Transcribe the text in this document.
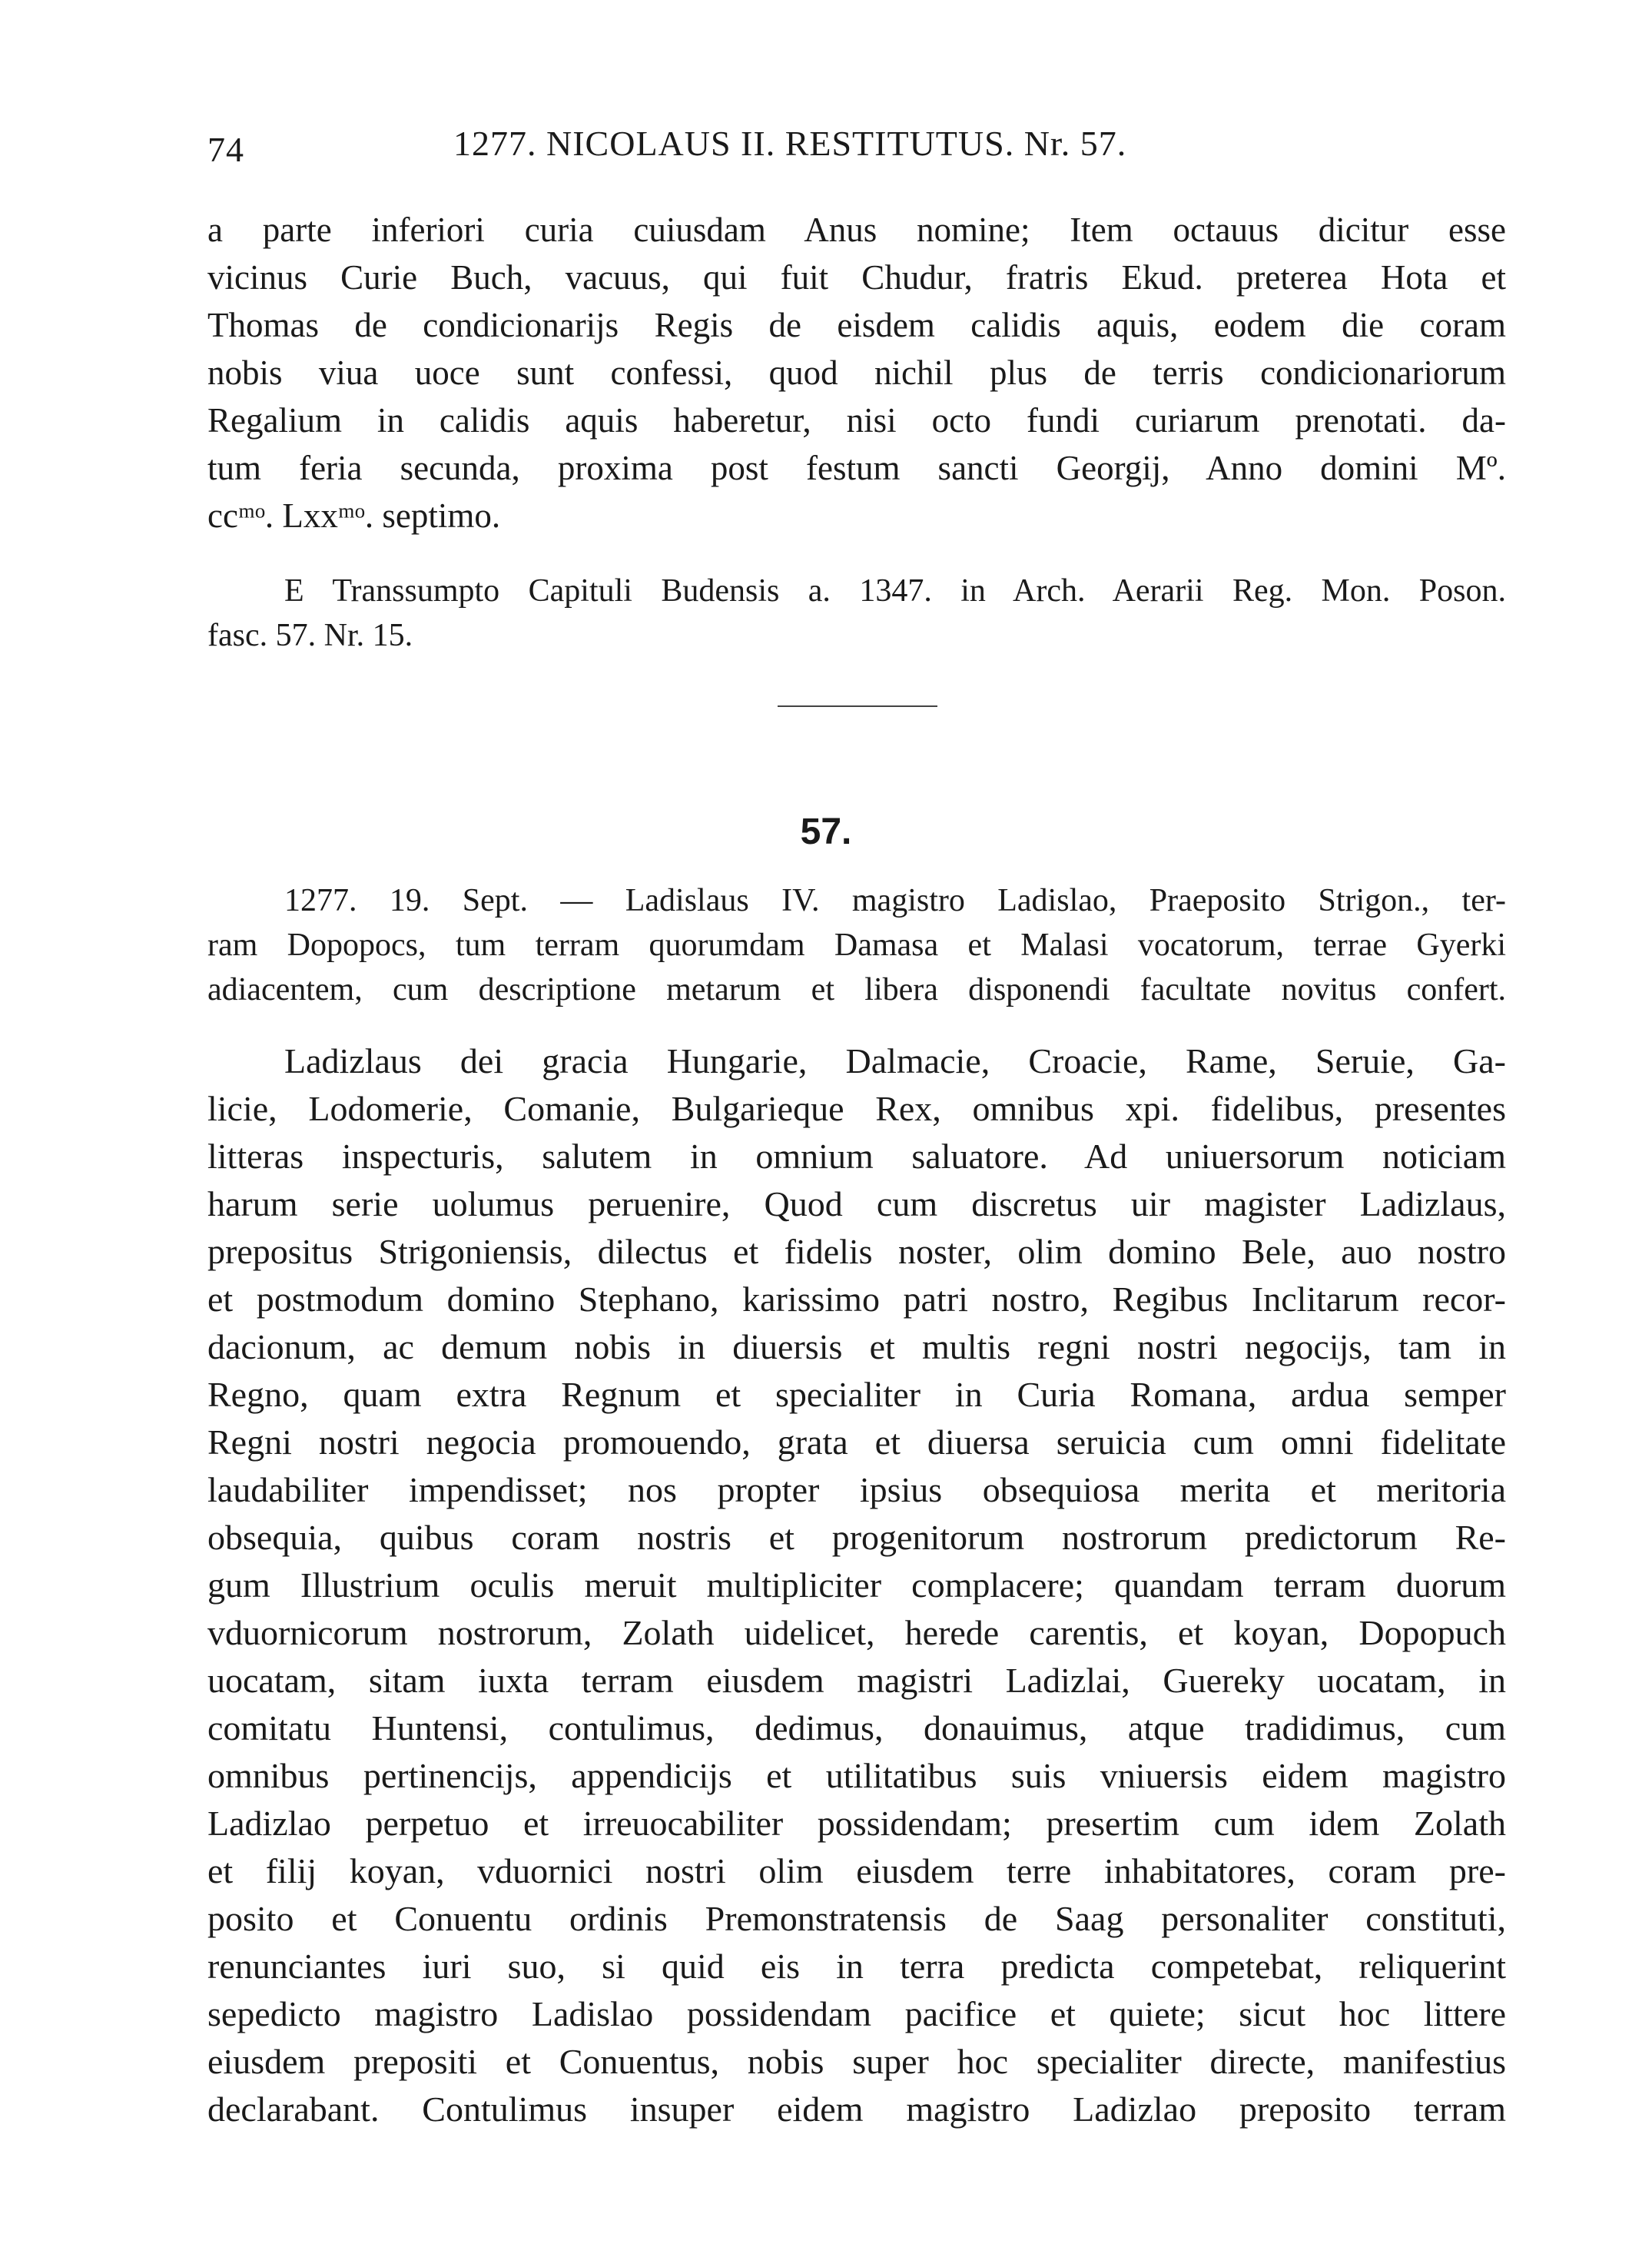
74	1277. NICOLAUS II. RESTITUTUS. Nr. 57.
a parte inferiori curia cuiusdam Anus nomine; Item octauus dicitur esse
vicinus Curie Buch, vacuus, qui fuit Chudur, fratris Ekud. preterea Hota et
Thomas de condicionarijs Regis de eisdem calidis aquis, eodem die coram
nobis viua uoce sunt confessi, quod nichil plus de terris condicionariorum
Regalium in calidis aquis haberetur, nisi octo fundi curiarum prenotati. da-
tum feria secunda, proxima post festum sancti Georgij, Anno domini Mº.
ccᵐᵒ. Lxxᵐᵒ. septimo.
E Transsumpto Capituli Budensis a. 1347. in Arch. Aerarii Reg. Mon. Poson.
fasc. 57. Nr. 15.
57.
1277. 19. Sept. — Ladislaus IV. magistro Ladislao, Praeposito Strigon., ter-
ram Dopopocs, tum terram quorumdam Damasa et Malasi vocatorum, terrae Gyerki
adiacentem, cum descriptione metarum et libera disponendi facultate novitus confert.
Ladizlaus dei gracia Hungarie, Dalmacie, Croacie, Rame, Seruie, Ga-
licie, Lodomerie, Comanie, Bulgarieque Rex, omnibus xpi. fidelibus, presentes
litteras inspecturis, salutem in omnium saluatore. Ad uniuersorum noticiam
harum serie uolumus peruenire, Quod cum discretus uir magister Ladizlaus,
prepositus Strigoniensis, dilectus et fidelis noster, olim domino Bele, auo nostro
et postmodum domino Stephano, karissimo patri nostro, Regibus Inclitarum recor-
dacionum, ac demum nobis in diuersis et multis regni nostri negocijs, tam in
Regno, quam extra Regnum et specialiter in Curia Romana, ardua semper
Regni nostri negocia promouendo, grata et diuersa seruicia cum omni fidelitate
laudabiliter impendisset; nos propter ipsius obsequiosa merita et meritoria
obsequia, quibus coram nostris et progenitorum nostrorum predictorum Re-
gum Illustrium oculis meruit multipliciter complacere; quandam terram duorum
vduornicorum nostrorum, Zolath uidelicet, herede carentis, et koyan, Dopopuch
uocatam, sitam iuxta terram eiusdem magistri Ladizlai, Guereky uocatam, in
comitatu Huntensi, contulimus, dedimus, donauimus, atque tradidimus, cum
omnibus pertinencijs, appendicijs et utilitatibus suis vniuersis eidem magistro
Ladizlao perpetuo et irreuocabiliter possidendam; presertim cum idem Zolath
et filij koyan, vduornici nostri olim eiusdem terre inhabitatores, coram pre-
posito et Conuentu ordinis Premonstratensis de Saag personaliter constituti,
renunciantes iuri suo, si quid eis in terra predicta competebat, reliquerint
sepedicto magistro Ladislao possidendam pacifice et quiete; sicut hoc littere
eiusdem prepositi et Conuentus, nobis super hoc specialiter directe, manifestius
declarabant. Contulimus insuper eidem magistro Ladizlao preposito terram
